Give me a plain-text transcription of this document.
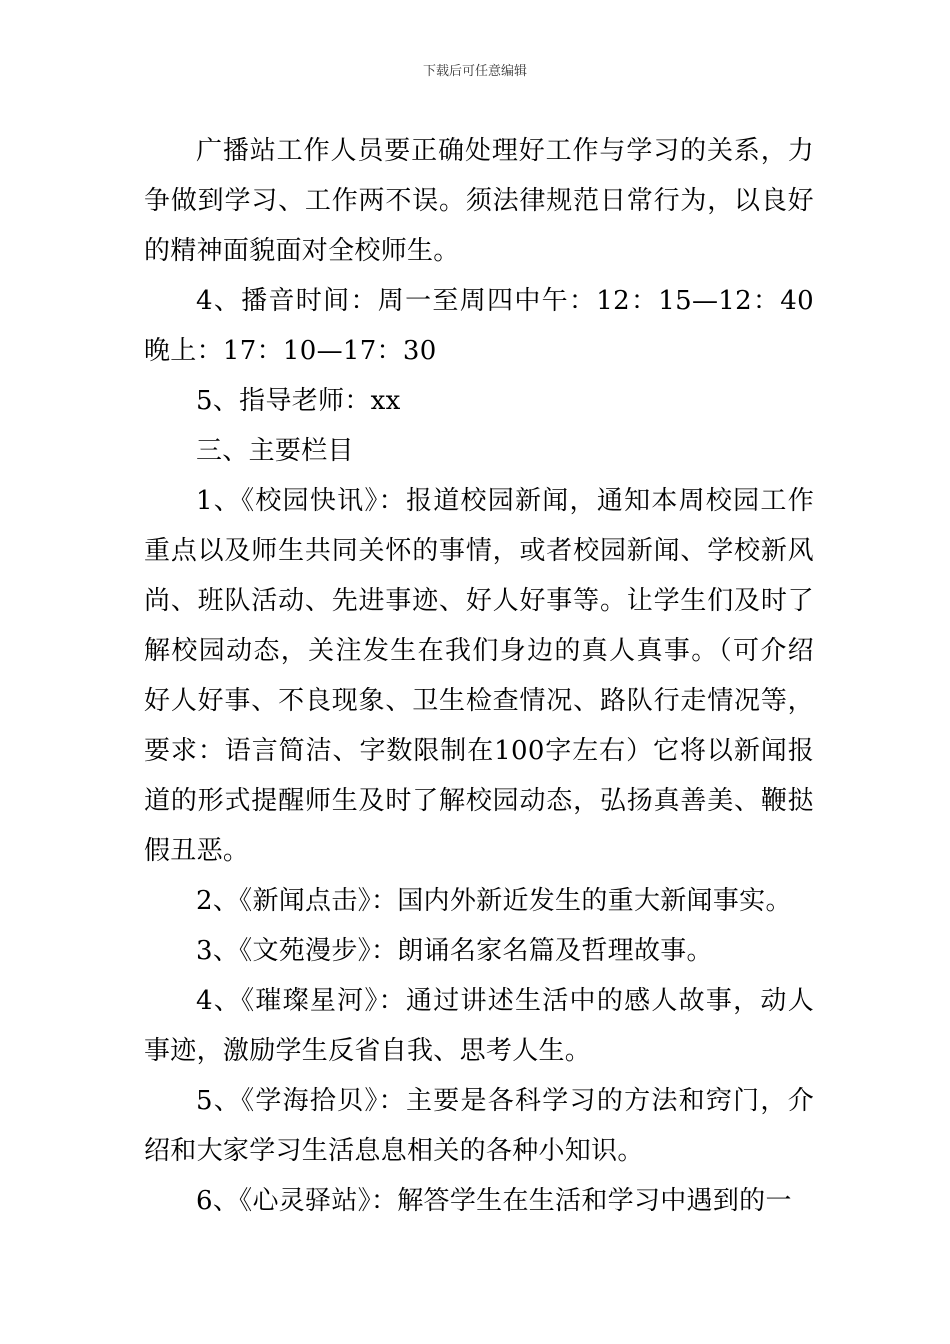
下载后可任意编辑

广播站工作人员要正确处理好工作与学习的关系，力争做到学习、工作两不误。须法律规范日常行为，以良好的精神面貌面对全校师生。

4、播音时间：周一至周四中午：12：15—12：40晚上：17：10—17：30

5、指导老师：xx

三、主要栏目

1、《校园快讯》：报道校园新闻，通知本周校园工作重点以及师生共同关怀的事情，或者校园新闻、学校新风尚、班队活动、先进事迹、好人好事等。让学生们及时了解校园动态，关注发生在我们身边的真人真事。（可介绍好人好事、不良现象、卫生检查情况、路队行走情况等，要求：语言简洁、字数限制在100字左右）它将以新闻报道的形式提醒师生及时了解校园动态，弘扬真善美、鞭挞假丑恶。

2、《新闻点击》：国内外新近发生的重大新闻事实。

3、《文苑漫步》：朗诵名家名篇及哲理故事。

4、《璀璨星河》：通过讲述生活中的感人故事，动人事迹，激励学生反省自我、思考人生。

5、《学海拾贝》：主要是各科学习的方法和窍门，介绍和大家学习生活息息相关的各种小知识。

6、《心灵驿站》：解答学生在生活和学习中遇到的一
